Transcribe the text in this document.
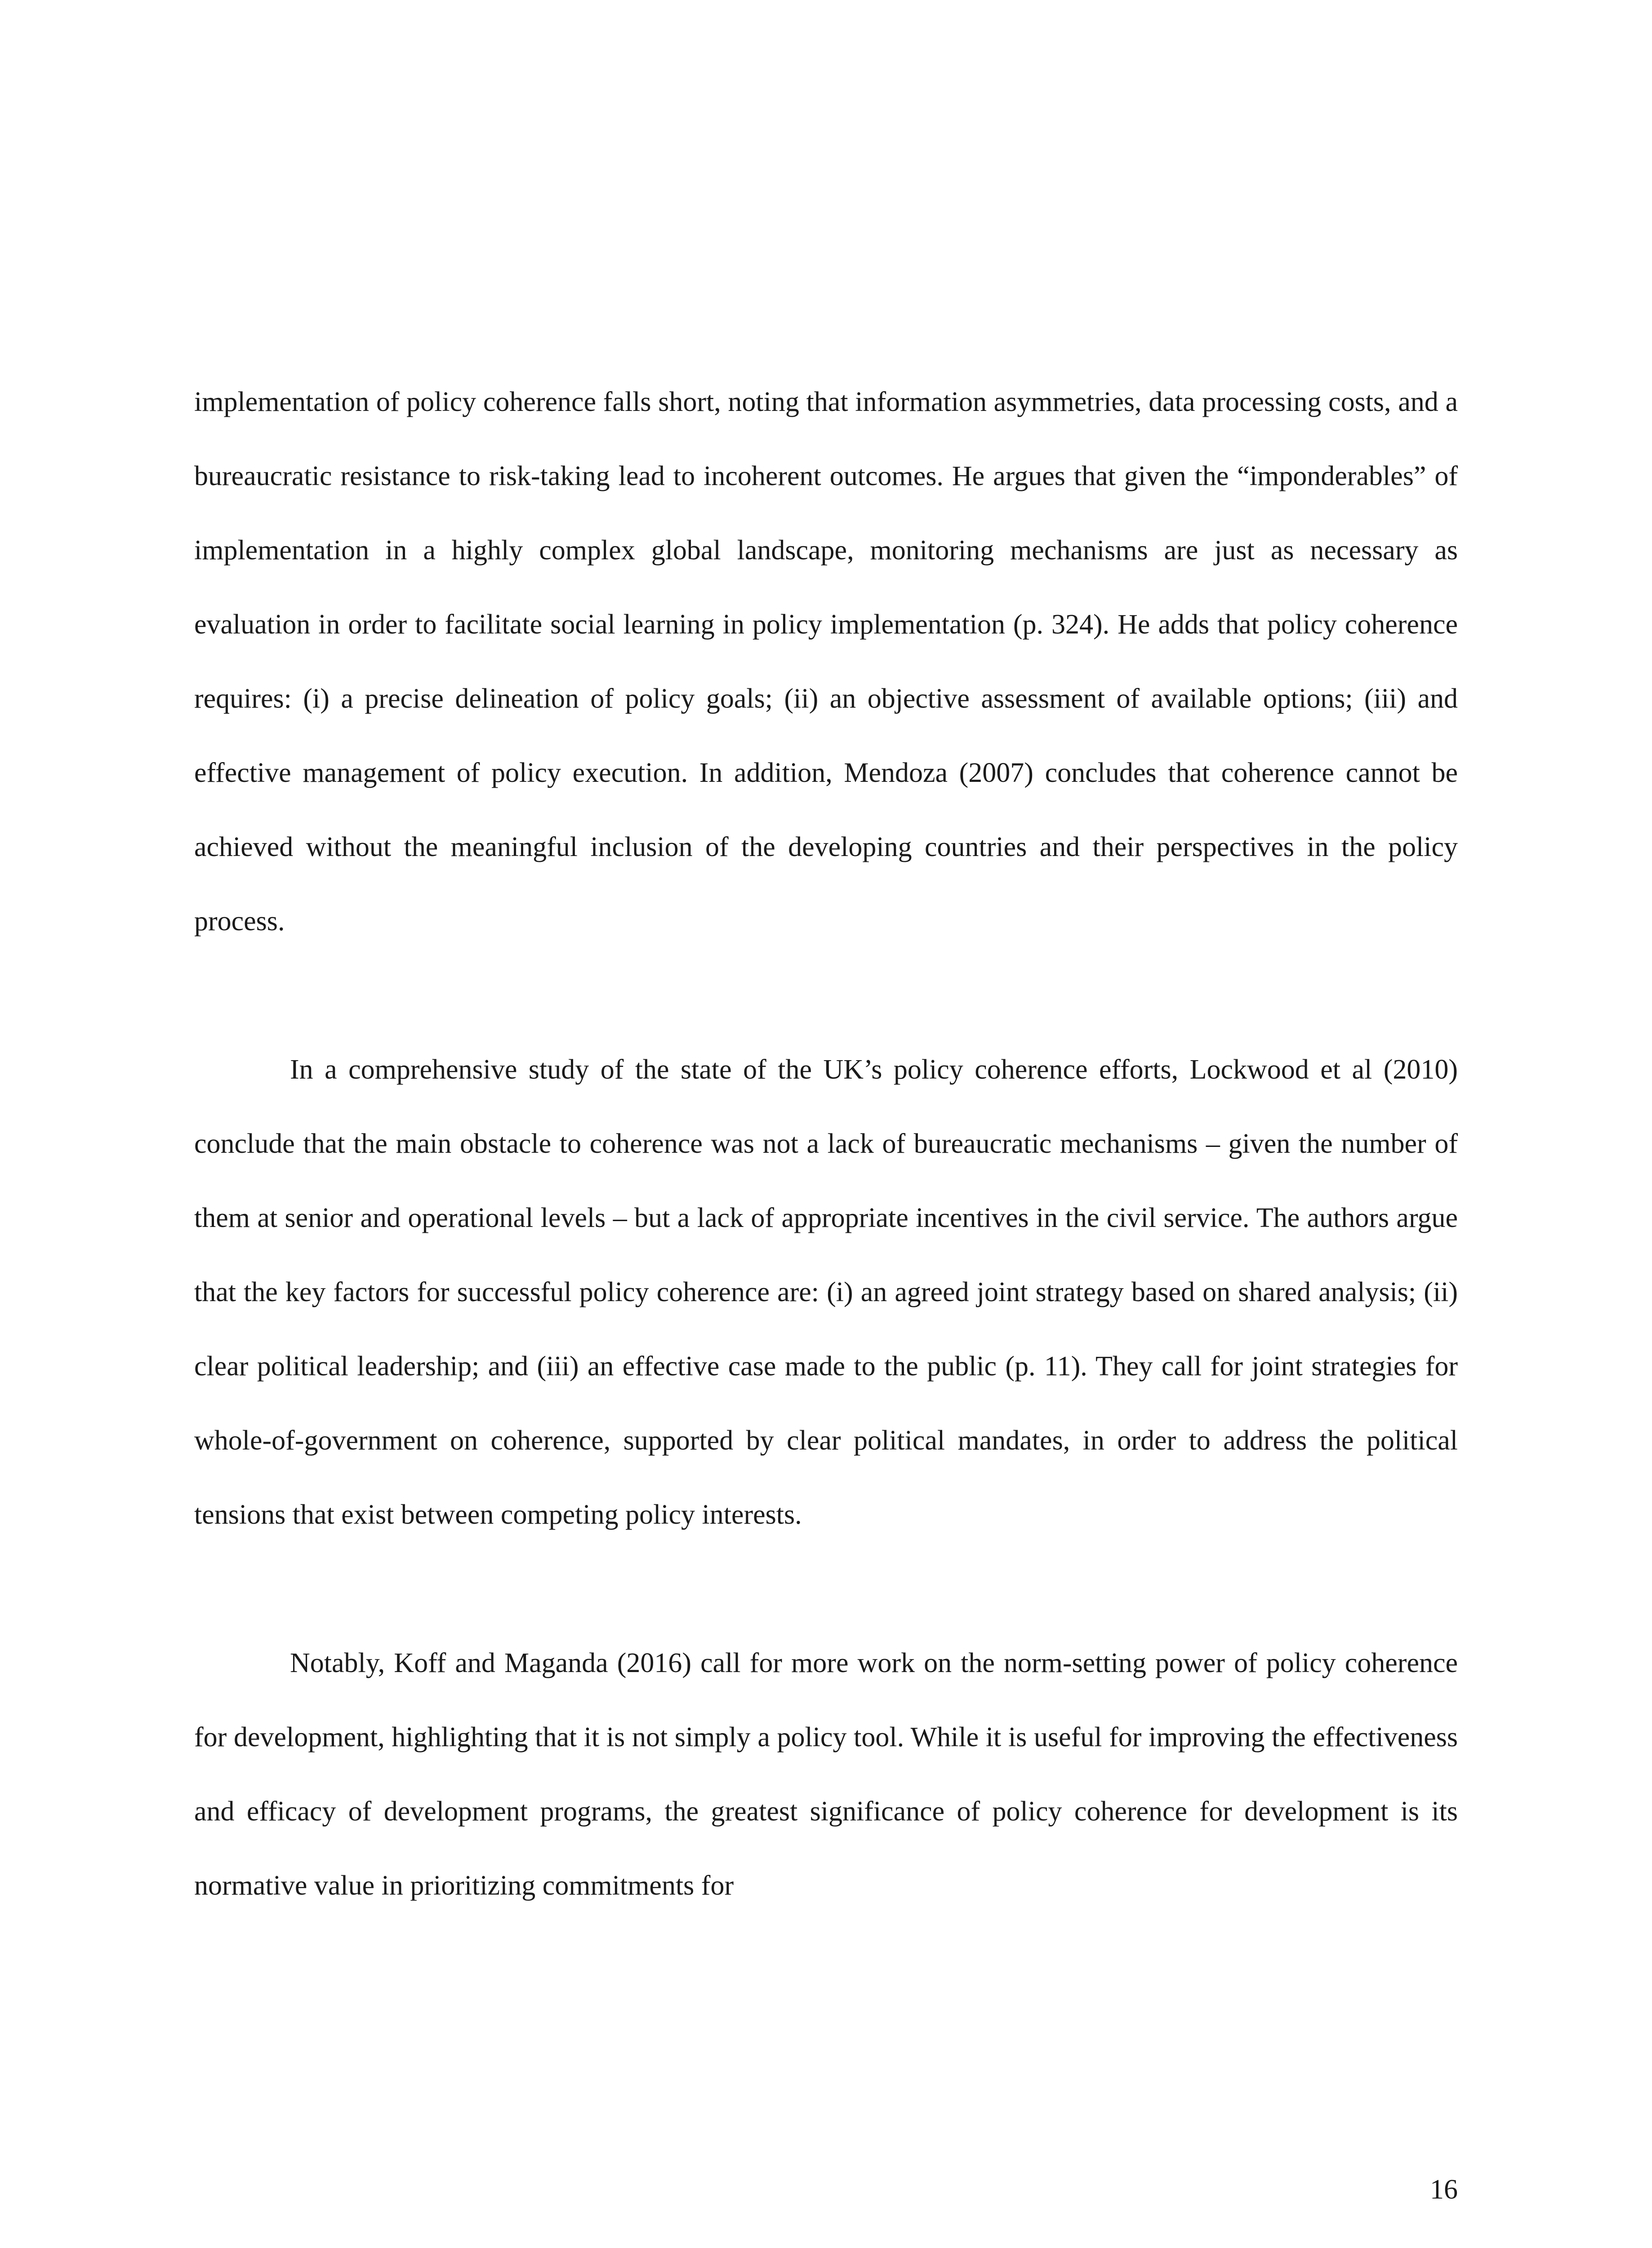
implementation of policy coherence falls short, noting that information asymmetries, data processing costs, and a bureaucratic resistance to risk-taking lead to incoherent outcomes. He argues that given the “imponderables” of implementation in a highly complex global landscape, monitoring mechanisms are just as necessary as evaluation in order to facilitate social learning in policy implementation (p. 324). He adds that policy coherence requires: (i) a precise delineation of policy goals; (ii) an objective assessment of available options; (iii) and effective management of policy execution. In addition, Mendoza (2007) concludes that coherence cannot be achieved without the meaningful inclusion of the developing countries and their perspectives in the policy process.

In a comprehensive study of the state of the UK’s policy coherence efforts, Lockwood et al (2010) conclude that the main obstacle to coherence was not a lack of bureaucratic mechanisms – given the number of them at senior and operational levels – but a lack of appropriate incentives in the civil service. The authors argue that the key factors for successful policy coherence are: (i) an agreed joint strategy based on shared analysis; (ii) clear political leadership; and (iii) an effective case made to the public (p. 11). They call for joint strategies for whole-of-government on coherence, supported by clear political mandates, in order to address the political tensions that exist between competing policy interests.

Notably, Koff and Maganda (2016) call for more work on the norm-setting power of policy coherence for development, highlighting that it is not simply a policy tool. While it is useful for improving the effectiveness and efficacy of development programs, the greatest significance of policy coherence for development is its normative value in prioritizing commitments for

16
